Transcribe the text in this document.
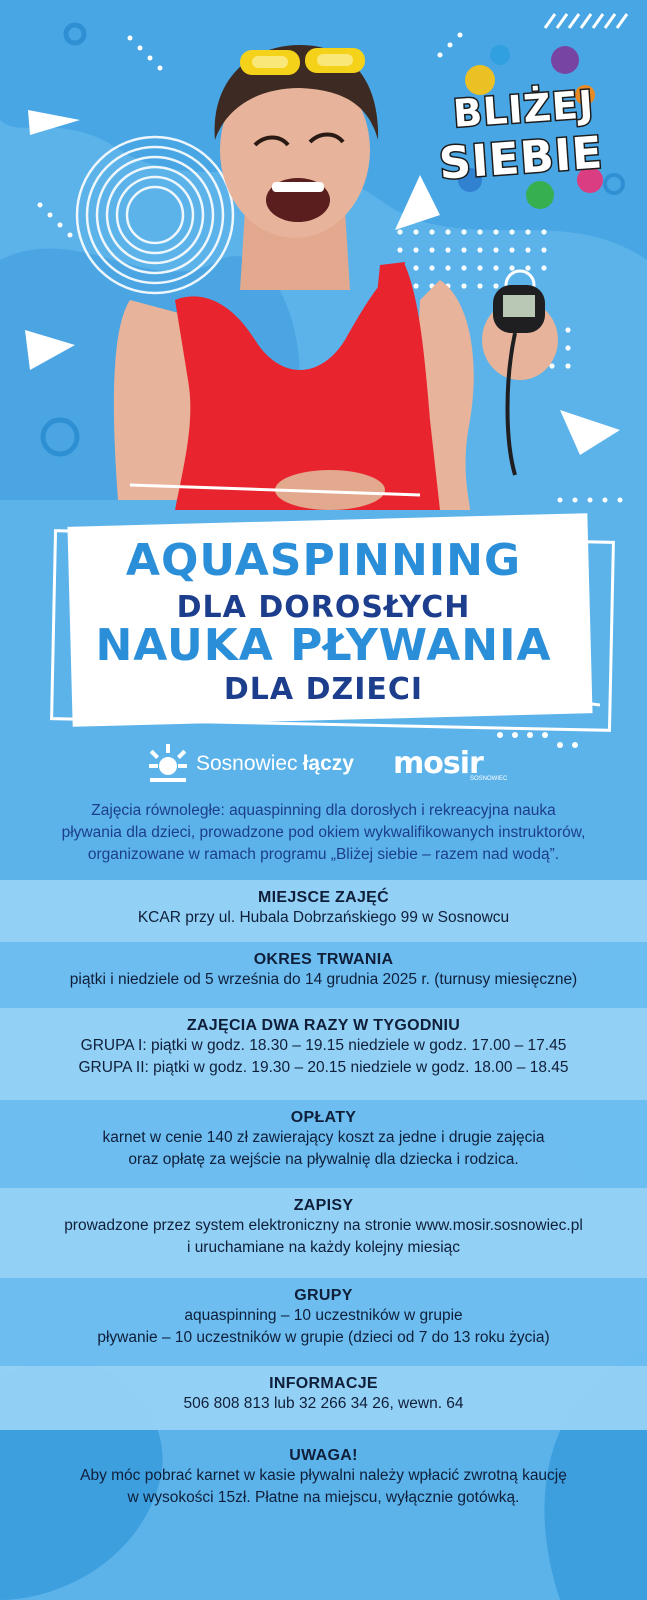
BLIŻEJ
SIEBIE
AQUASPINNING
DLA DOROSŁYCH
NAUKA PŁYWANIA
DLA DZIECI
Sosnowiec łączy mosir
SOSNOWIEC
Zajęcia równoległe: aquaspinning dla dorosłych i rekreacyjna nauka
pływania dla dzieci, prowadzone pod okiem wykwalifikowanych instruktorów,
organizowane w ramach programu „Bliżej siebie – razem nad wodą”.
MIEJSCE ZAJĘĆ
KCAR przy ul. Hubala Dobrzańskiego 99 w Sosnowcu
OKRES TRWANIA
piątki i niedziele od 5 września do 14 grudnia 2025 r. (turnusy miesięczne)
ZAJĘCIA DWA RAZY W TYGODNIU
GRUPA I: piątki w godz. 18.30 – 19.15 niedziele w godz. 17.00 – 17.45
GRUPA II: piątki w godz. 19.30 – 20.15 niedziele w godz. 18.00 – 18.45
OPŁATY
karnet w cenie 140 zł zawierający koszt za jedne i drugie zajęcia
oraz opłatę za wejście na pływalnię dla dziecka i rodzica.
ZAPISY
prowadzone przez system elektroniczny na stronie www.mosir.sosnowiec.pl
i uruchamiane na każdy kolejny miesiąc
GRUPY
aquaspinning – 10 uczestników w grupie
pływanie – 10 uczestników w grupie (dzieci od 7 do 13 roku życia)
INFORMACJE
506 808 813 lub 32 266 34 26, wewn. 64
UWAGA!
Aby móc pobrać karnet w kasie pływalni należy wpłacić zwrotną kaucję
w wysokości 15zł. Płatne na miejscu, wyłącznie gotówką.
